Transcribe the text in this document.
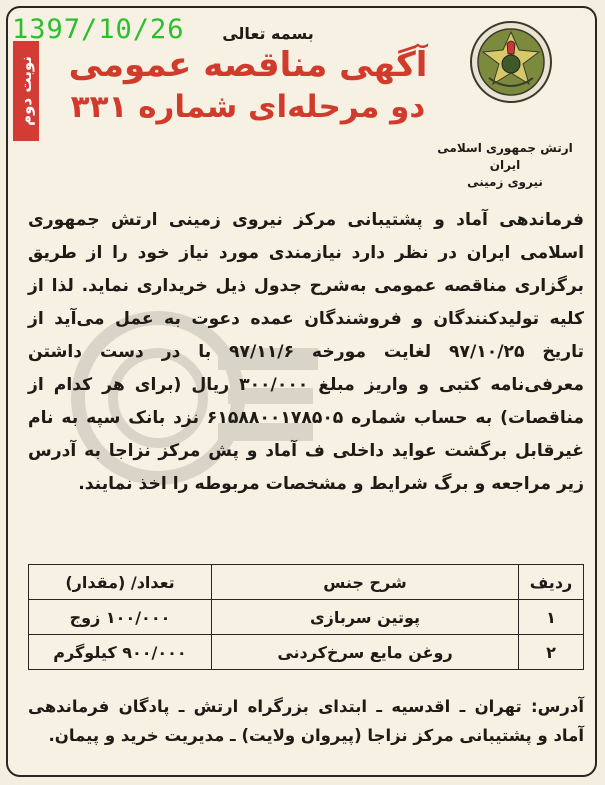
نوبت دوم
بسمه تعالی
آگهی مناقصه عمومی
دو مرحله‌ای شماره ۳۳۱
ارتش جمهوری اسلامی ایران
نیروی زمینی
فرماندهی آماد و پشتیبانی مرکز نیروی زمینی ارتش جمهوری اسلامی ایران در نظر دارد نیازمندی مورد نیاز خود را از طریق برگزاری مناقصه عمومی به‌شرح جدول ذیل خریداری نماید. لذا از کلیه تولیدکنندگان و فروشندگان عمده دعوت به عمل می‌آید از تاریخ ۹۷/۱۰/۲۵ لغایت مورخه ۹۷/۱۱/۶ با در دست داشتن معرفی‌نامه کتبی و واریز مبلغ ۳۰۰/۰۰۰ ریال (برای هر کدام از مناقصات) به حساب شماره ۶۱۵۸۸۰۰۱۷۸۵۰۵ نزد بانک سپه به نام غیرقابل برگشت عواید داخلی ف آماد و پش مرکز نزاجا به آدرس زیر مراجعه و برگ شرایط و مشخصات مربوطه را اخذ نمایند.
ردیف	شرح جنس	تعداد/ (مقدار)
۱	پوتین سربازی	۱۰۰/۰۰۰ زوج
۲	روغن مایع سرخ‌کردنی	۹۰۰/۰۰۰ کیلوگرم
آدرس: تهران ـ اقدسیه ـ ابتدای بزرگراه ارتش ـ پادگان فرماندهی آماد و پشتیبانی مرکز نزاجا (پیروان ولایت) ـ مدیریت خرید و پیمان.
1397/10/26
